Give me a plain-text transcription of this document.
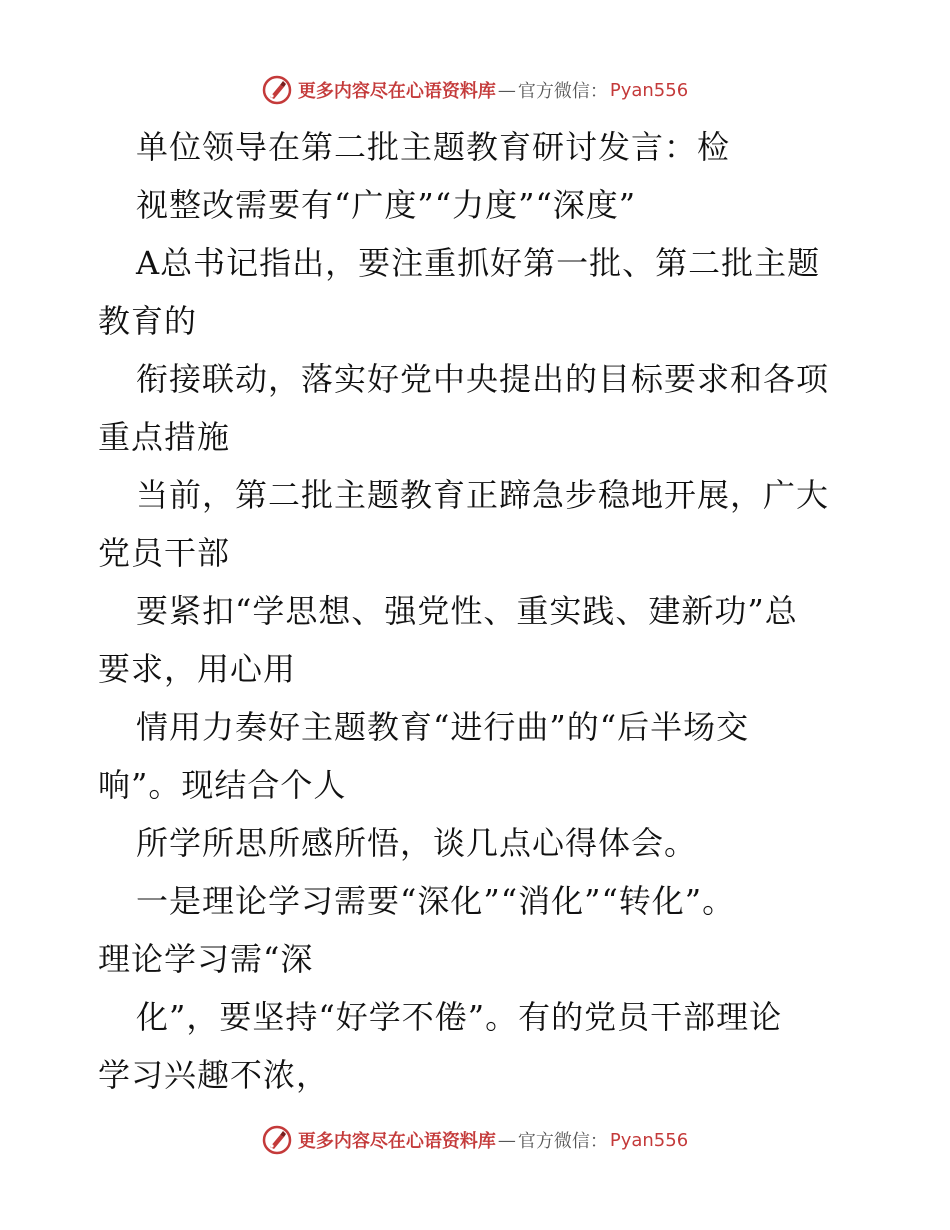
更多内容尽在心语资料库 — 官方微信： Pyan556
单位领导在第二批主题教育研讨发言：检
视整改需要有“广度”“力度”“深度”
A总书记指出，要注重抓好第一批、第二批主题
教育的
衔接联动，落实好党中央提出的目标要求和各项
重点措施
当前，第二批主题教育正蹄急步稳地开展，广大
党员干部
要紧扣“学思想、强党性、重实践、建新功”总
要求，用心用
情用力奏好主题教育“进行曲”的“后半场交
响”。现结合个人
所学所思所感所悟，谈几点心得体会。
一是理论学习需要“深化”“消化”“转化”。
理论学习需“深
化”，要坚持“好学不倦”。有的党员干部理论
学习兴趣不浓，
更多内容尽在心语资料库 — 官方微信： Pyan556
